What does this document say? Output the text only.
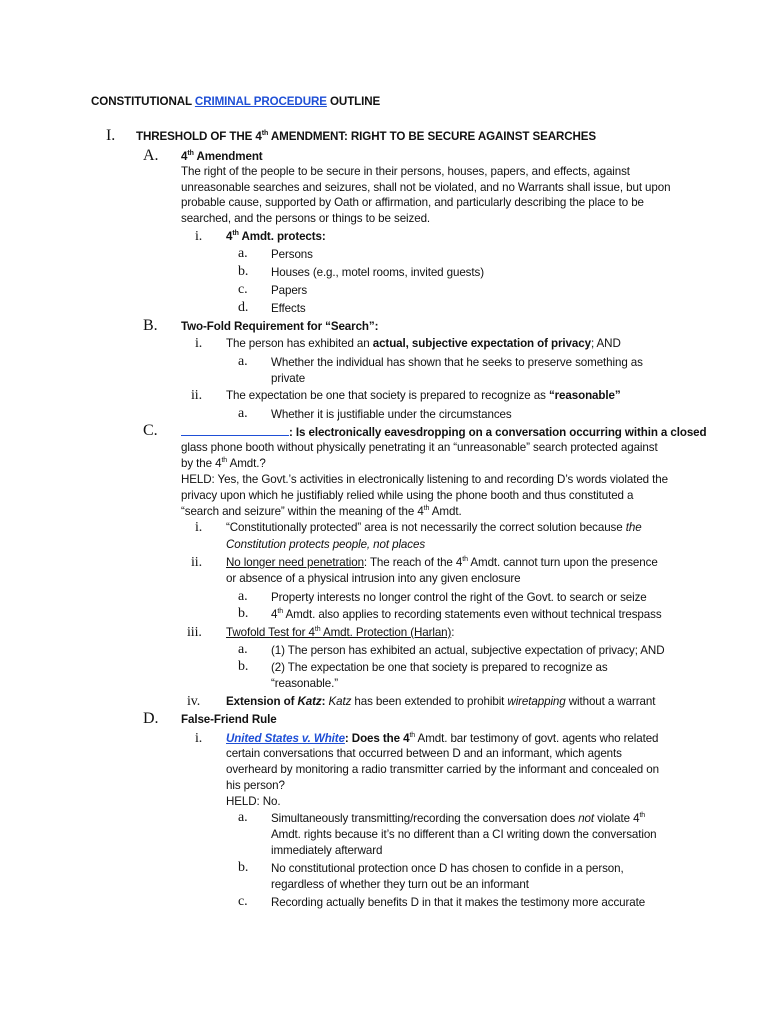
CONSTITUTIONAL CRIMINAL PROCEDURE OUTLINE
I. THRESHOLD OF THE 4th AMENDMENT: RIGHT TO BE SECURE AGAINST SEARCHES
A. 4th Amendment
The right of the people to be secure in their persons, houses, papers, and effects, against
unreasonable searches and seizures, shall not be violated, and no Warrants shall issue, but upon
probable cause, supported by Oath or affirmation, and particularly describing the place to be
searched, and the persons or things to be seized.
i. 4th Amdt. protects:
a. Persons
b. Houses (e.g., motel rooms, invited guests)
c. Papers
d. Effects
B. Two-Fold Requirement for “Search”:
i. The person has exhibited an actual, subjective expectation of privacy; AND
a. Whether the individual has shown that he seeks to preserve something as
private
ii. The expectation be one that society is prepared to recognize as “reasonable”
a. Whether it is justifiable under the circumstances
C.	: Is electronically eavesdropping on a conversation occurring within a closed
glass phone booth without physically penetrating it an “unreasonable” search protected against
by the 4th Amdt.?
HELD: Yes, the Govt.’s activities in electronically listening to and recording D’s words violated the
privacy upon which he justifiably relied while using the phone booth and thus constituted a
“search and seizure” within the meaning of the 4th Amdt.
i. “Constitutionally protected” area is not necessarily the correct solution because the
Constitution protects people, not places
ii. No longer need penetration: The reach of the 4th Amdt. cannot turn upon the presence
or absence of a physical intrusion into any given enclosure
a. Property interests no longer control the right of the Govt. to search or seize
b. 4th Amdt. also applies to recording statements even without technical trespass
iii. Twofold Test for 4th Amdt. Protection (Harlan):
a. (1) The person has exhibited an actual, subjective expectation of privacy; AND
b. (2) The expectation be one that society is prepared to recognize as
“reasonable.”
iv. Extension of Katz: Katz has been extended to prohibit wiretapping without a warrant
D. False-Friend Rule
i. United States v. White: Does the 4th Amdt. bar testimony of govt. agents who related
certain conversations that occurred between D and an informant, which agents
overheard by monitoring a radio transmitter carried by the informant and concealed on
his person?
HELD: No.
a. Simultaneously transmitting/recording the conversation does not violate 4th
Amdt. rights because it’s no different than a CI writing down the conversation
immediately afterward
b. No constitutional protection once D has chosen to confide in a person,
regardless of whether they turn out be an informant
c. Recording actually benefits D in that it makes the testimony more accurate
